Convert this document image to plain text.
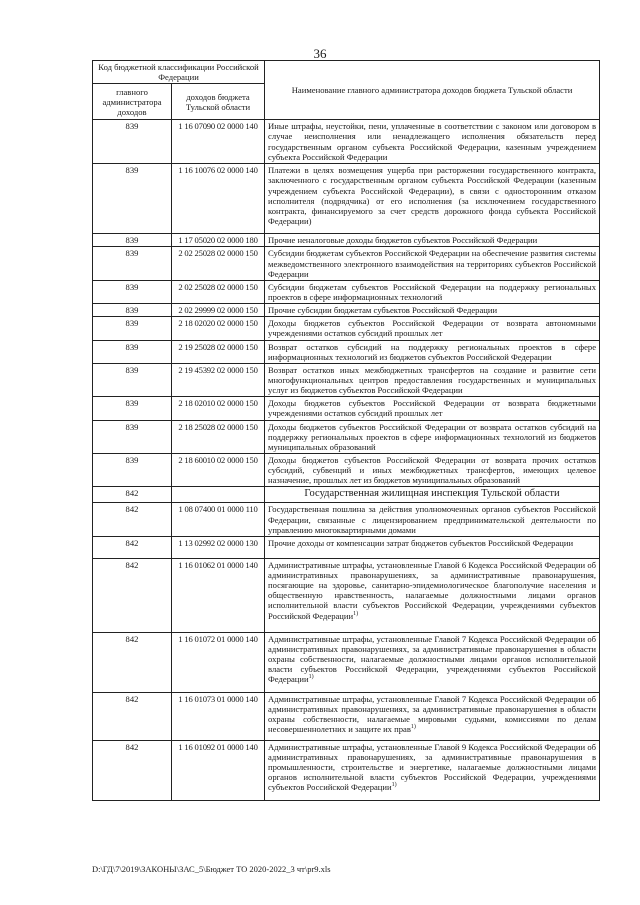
36
Код бюджетной классификации Российской Федерации		Наименование главного администратора доходов бюджета Тульской области
главного администратора доходов	доходов бюджета Тульской области	
839	1 16 07090 02 0000 140	Иные штрафы, неустойки, пени, уплаченные в соответствии с законом или договором в случае неисполнения или ненадлежащего исполнения обязательств перед государственным органом субъекта Российской Федерации, казенным учреждением субъекта Российской Федерации
839	1 16 10076 02 0000 140	Платежи в целях возмещения ущерба при расторжении государственного контракта, заключенного с государственным органом субъекта Российской Федерации (казенным учреждением субъекта Российской Федерации), в связи с односторонним отказом исполнителя (подрядчика) от его исполнения (за исключением государственного контракта, финансируемого за счет средств дорожного фонда субъекта Российской Федерации)
839	1 17 05020 02 0000 180	Прочие неналоговые доходы бюджетов субъектов Российской Федерации
839	2 02 25028 02 0000 150	Субсидии бюджетам субъектов Российской Федерации на обеспечение развития системы межведомственного электронного взаимодействия на территориях субъектов Российской Федерации
839	2 02 25028 02 0000 150	Субсидии бюджетам субъектов Российской Федерации на поддержку региональных проектов в сфере информационных технологий
839	2 02 29999 02 0000 150	Прочие субсидии бюджетам субъектов Российской Федерации
839	2 18 02020 02 0000 150	Доходы бюджетов субъектов Российской Федерации от возврата автономными учреждениями остатков субсидий прошлых лет
839	2 19 25028 02 0000 150	Возврат остатков субсидий на поддержку региональных проектов в сфере информационных технологий из бюджетов субъектов Российской Федерации
839	2 19 45392 02 0000 150	Возврат остатков иных межбюджетных трансфертов на создание и развитие сети многофункциональных центров предоставления государственных и муниципальных услуг из бюджетов субъектов Российской Федерации
839	2 18 02010 02 0000 150	Доходы бюджетов субъектов Российской Федерации от возврата бюджетными учреждениями остатков субсидий прошлых лет
839	2 18 25028 02 0000 150	Доходы бюджетов субъектов Российской Федерации от возврата остатков субсидий на поддержку региональных проектов в сфере информационных технологий из бюджетов муниципальных образований
839	2 18 60010 02 0000 150	Доходы бюджетов субъектов Российской Федерации от возврата прочих остатков субсидий, субвенций и иных межбюджетных трансфертов, имеющих целевое назначение, прошлых лет из бюджетов муниципальных образований
842		Государственная жилищная инспекция Тульской области
842	1 08 07400 01 0000 110	Государственная пошлина за действия уполномоченных органов субъектов Российской Федерации, связанные с лицензированием предпринимательской деятельности по управлению многоквартирными домами
842	1 13 02992 02 0000 130	Прочие доходы от компенсации затрат бюджетов субъектов Российской Федерации
842	1 16 01062 01 0000 140	Административные штрафы, установленные Главой 6 Кодекса Российской Федерации об административных правонарушениях, за административные правонарушения, посягающие на здоровье, санитарно-эпидемиологическое благополучие населения и общественную нравственность, налагаемые должностными лицами органов исполнительной власти субъектов Российской Федерации, учреждениями субъектов Российской Федерации$^{1)}$
842	1 16 01072 01 0000 140	Административные штрафы, установленные Главой 7 Кодекса Российской Федерации об административных правонарушениях, за административные правонарушения в области охраны собственности, налагаемые должностными лицами органов исполнительной власти субъектов Российской Федерации, учреждениями субъектов Российской Федерации$^{1)}$
842	1 16 01073 01 0000 140	Административные штрафы, установленные Главой 7 Кодекса Российской Федерации об административных правонарушениях, за административные правонарушения в области охраны собственности, налагаемые мировыми судьями, комиссиями по делам несовершеннолетних и защите их прав$^{1)}$
842	1 16 01092 01 0000 140	Административные штрафы, установленные Главой 9 Кодекса Российской Федерации об административных правонарушениях, за административные правонарушения в промышленности, строительстве и энергетике, налагаемые должностными лицами органов исполнительной власти субъектов Российской Федерации, учреждениями субъектов Российской Федерации$^{1)}$
D:\ГД\7\2019\ЗАКОНЫ\ЗАС_5\Бюджет ТО 2020-2022_3 чт\pr9.xls
